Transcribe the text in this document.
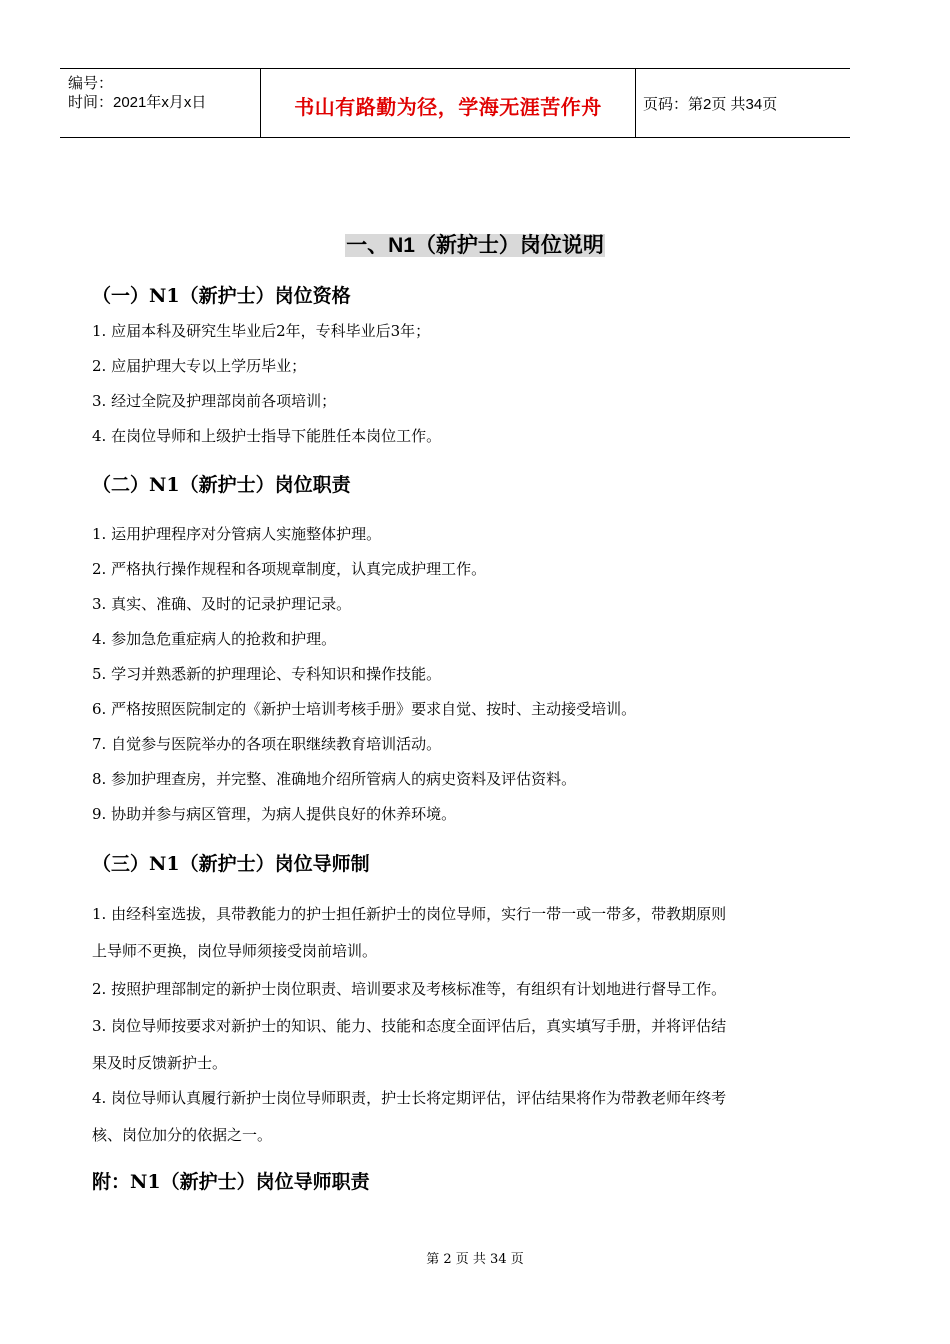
编号：
时间：2021年x月x日	书山有路勤为径，学海无涯苦作舟	页码：第2页 共34页
一、N1（新护士）岗位说明
（一）N1（新护士）岗位资格
1. 应届本科及研究生毕业后2年，专科毕业后3年；
2. 应届护理大专以上学历毕业；
3. 经过全院及护理部岗前各项培训；
4. 在岗位导师和上级护士指导下能胜任本岗位工作。
（二）N1（新护士）岗位职责
1. 运用护理程序对分管病人实施整体护理。
2. 严格执行操作规程和各项规章制度，认真完成护理工作。
3. 真实、准确、及时的记录护理记录。
4. 参加急危重症病人的抢救和护理。
5. 学习并熟悉新的护理理论、专科知识和操作技能。
6. 严格按照医院制定的《新护士培训考核手册》要求自觉、按时、主动接受培训。
7. 自觉参与医院举办的各项在职继续教育培训活动。
8. 参加护理查房，并完整、准确地介绍所管病人的病史资料及评估资料。
9. 协助并参与病区管理，为病人提供良好的休养环境。
（三）N1（新护士）岗位导师制
1. 由经科室选拔，具带教能力的护士担任新护士的岗位导师，实行一带一或一带多，带教期原则
上导师不更换，岗位导师须接受岗前培训。
2. 按照护理部制定的新护士岗位职责、培训要求及考核标准等，有组织有计划地进行督导工作。
3. 岗位导师按要求对新护士的知识、能力、技能和态度全面评估后，真实填写手册，并将评估结
果及时反馈新护士。
4. 岗位导师认真履行新护士岗位导师职责，护士长将定期评估，评估结果将作为带教老师年终考
核、岗位加分的依据之一。
附：N1（新护士）岗位导师职责
第 2 页 共 34 页
